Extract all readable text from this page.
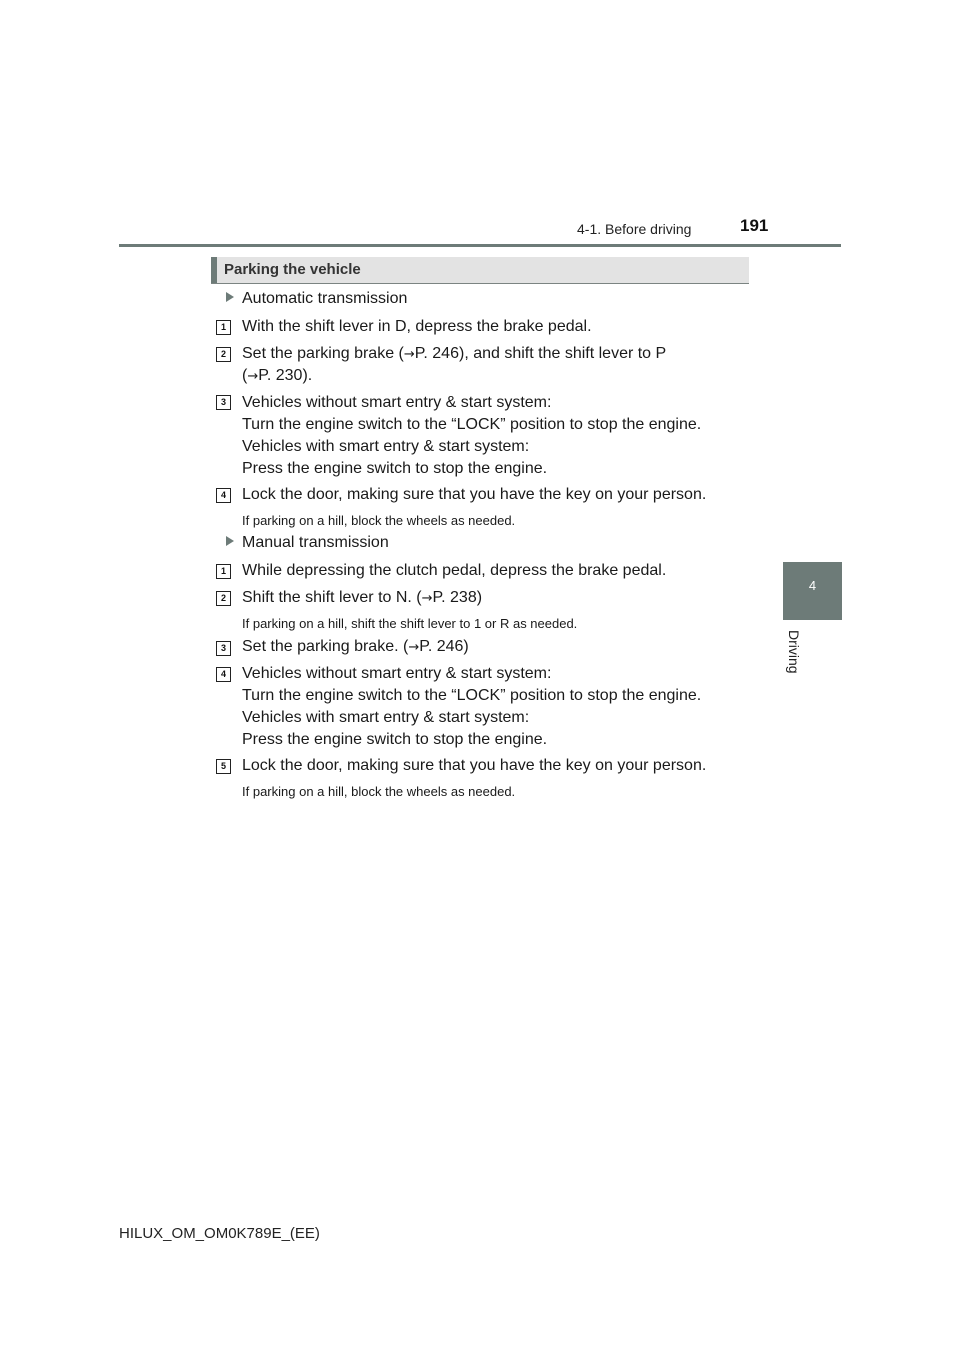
4-1. Before driving	191
4
Driving
Parking the vehicle
Automatic transmission
1	With the shift lever in D, depress the brake pedal.
2	Set the parking brake (→P. 246), and shift the shift lever to P
(→P. 230).
3	Vehicles without smart entry & start system:
Turn the engine switch to the “LOCK” position to stop the engine.
Vehicles with smart entry & start system:
Press the engine switch to stop the engine.
4	Lock the door, making sure that you have the key on your person.
If parking on a hill, block the wheels as needed.
Manual transmission
1	While depressing the clutch pedal, depress the brake pedal.
2	Shift the shift lever to N. (→P. 238)
If parking on a hill, shift the shift lever to 1 or R as needed.
3	Set the parking brake. (→P. 246)
4	Vehicles without smart entry & start system:
Turn the engine switch to the “LOCK” position to stop the engine.
Vehicles with smart entry & start system:
Press the engine switch to stop the engine.
5	Lock the door, making sure that you have the key on your person.
If parking on a hill, block the wheels as needed.
HILUX_OM_OM0K789E_(EE)
